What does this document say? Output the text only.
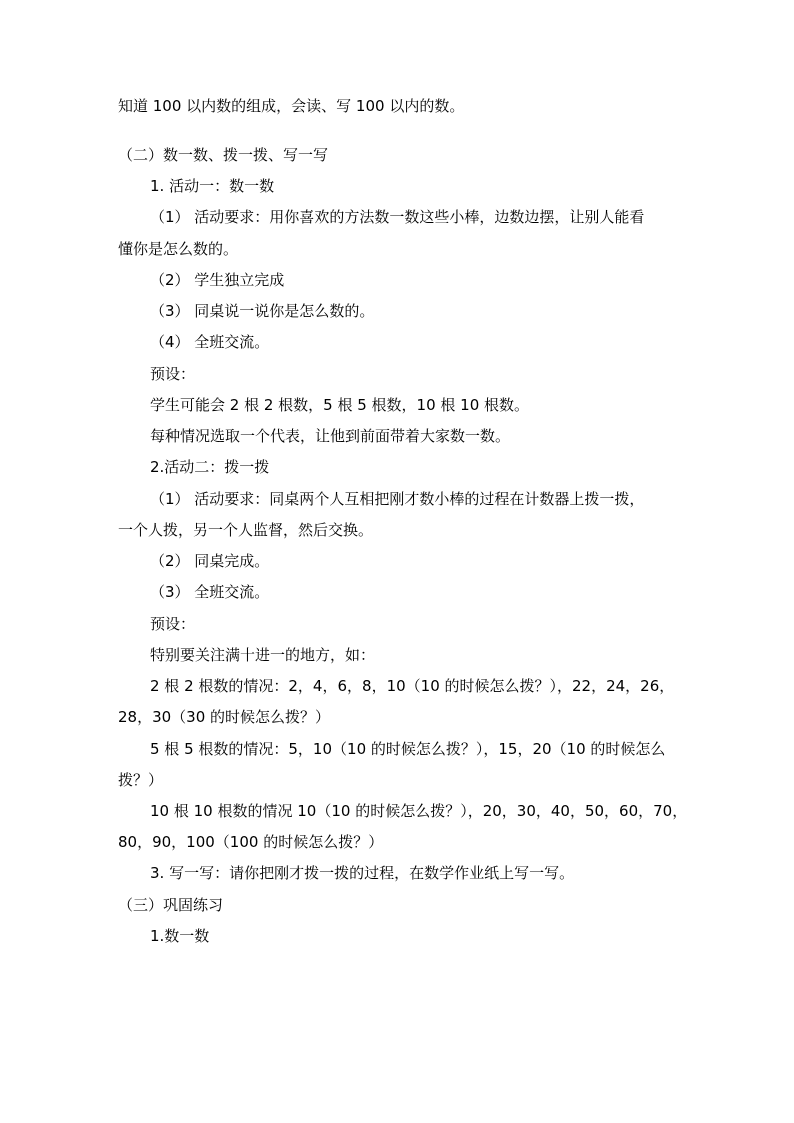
知道 100 以内数的组成，会读、写 100 以内的数。
（二）数一数、拨一拨、写一写
1. 活动一：数一数
（1） 活动要求：用你喜欢的方法数一数这些小棒，边数边摆，让别人能看
懂你是怎么数的。
（2） 学生独立完成
（3） 同桌说一说你是怎么数的。
（4） 全班交流。
预设：
学生可能会 2 根 2 根数，5 根 5 根数，10 根 10 根数。
每种情况选取一个代表，让他到前面带着大家数一数。
2.活动二：拨一拨
（1） 活动要求：同桌两个人互相把刚才数小棒的过程在计数器上拨一拨，
一个人拨，另一个人监督，然后交换。
（2） 同桌完成。
（3） 全班交流。
预设：
特别要关注满十进一的地方，如：
2 根 2 根数的情况：2，4，6，8，10（10 的时候怎么拨？），22，24，26，
28，30（30 的时候怎么拨？）
5 根 5 根数的情况：5，10（10 的时候怎么拨？），15，20（10 的时候怎么
拨？）
10 根 10 根数的情况 10（10 的时候怎么拨？），20，30，40，50，60，70，
80，90，100（100 的时候怎么拨？）
3. 写一写：请你把刚才拨一拨的过程，在数学作业纸上写一写。
（三）巩固练习
1.数一数
